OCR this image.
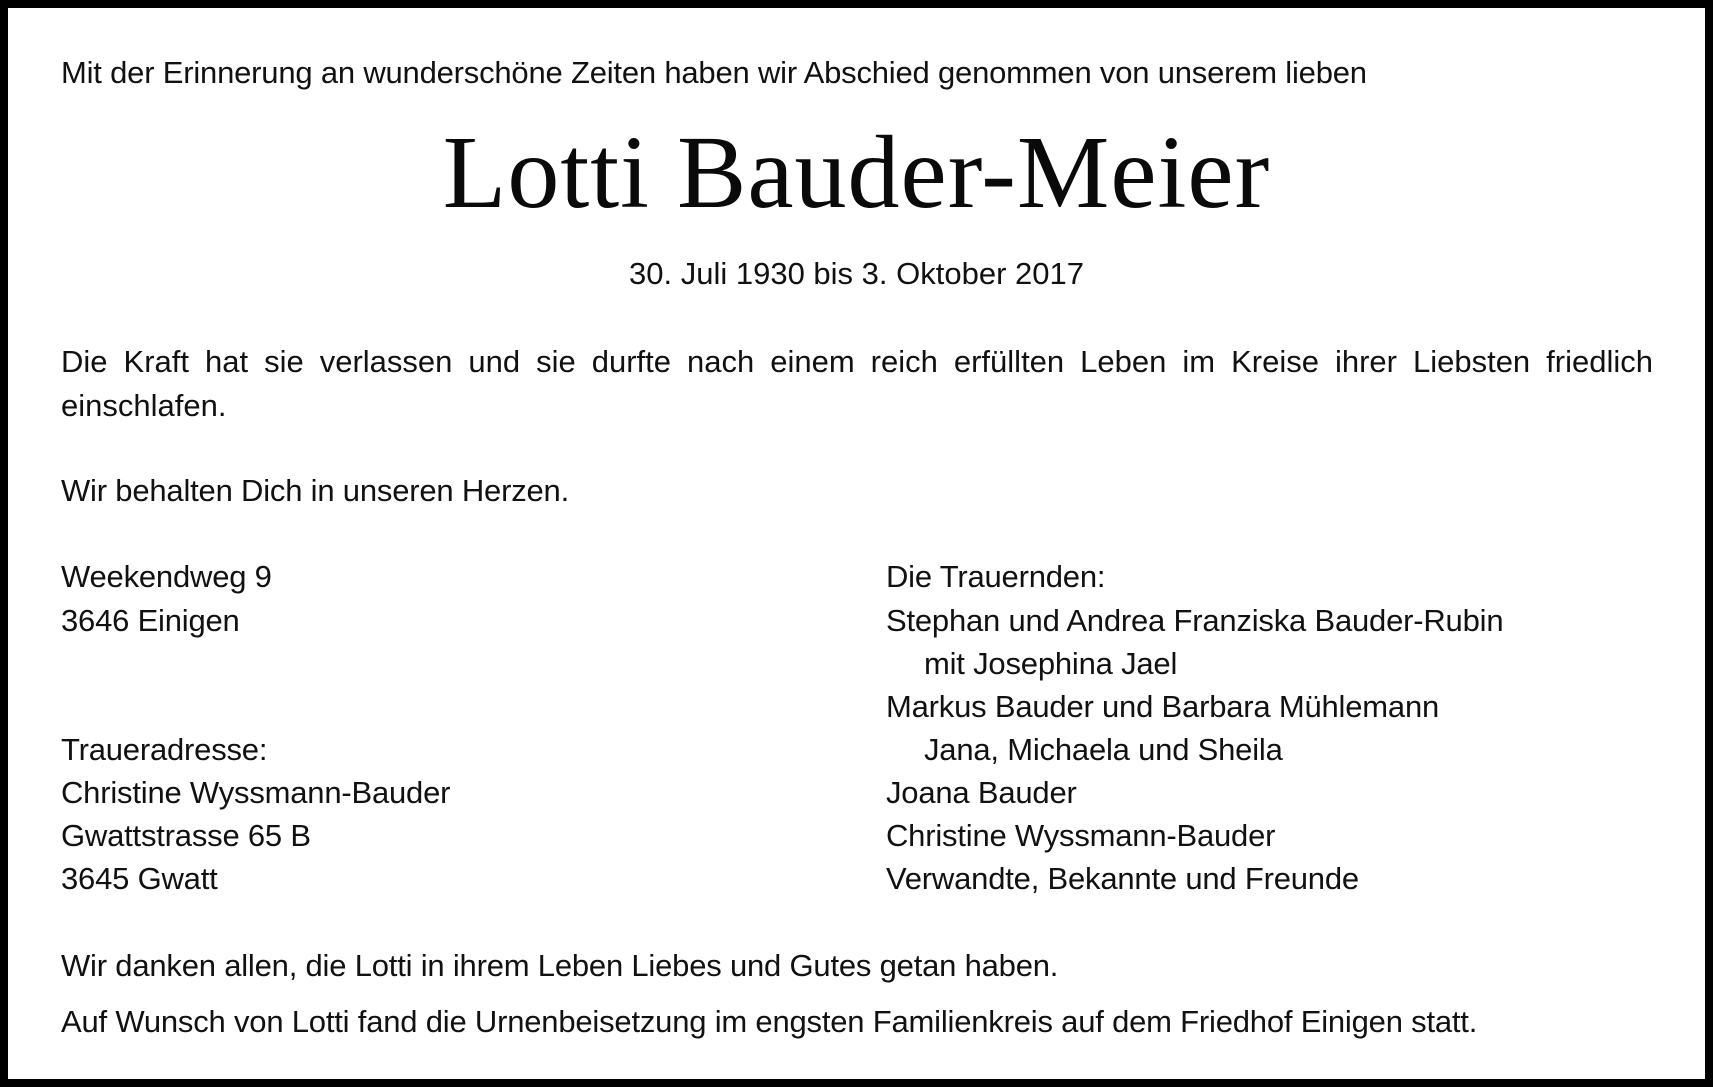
Mit der Erinnerung an wunderschöne Zeiten haben wir Abschied genommen von unserem lieben
Lotti Bauder-Meier
30. Juli 1930 bis 3. Oktober 2017
Die Kraft hat sie verlassen und sie durfte nach einem reich erfüllten Leben im Kreise ihrer Liebsten friedlich einschlafen.
Wir behalten Dich in unseren Herzen.
Weekendweg 9
3646 Einigen
Traueradresse:
Christine Wyssmann-Bauder
Gwattstrasse 65 B
3645 Gwatt
Die Trauernden:
Stephan und Andrea Franziska Bauder-Rubin
mit Josephina Jael
Markus Bauder und Barbara Mühlemann
Jana, Michaela und Sheila
Joana Bauder
Christine Wyssmann-Bauder
Verwandte, Bekannte und Freunde
Wir danken allen, die Lotti in ihrem Leben Liebes und Gutes getan haben.
Auf Wunsch von Lotti fand die Urnenbeisetzung im engsten Familienkreis auf dem Friedhof Einigen statt.
